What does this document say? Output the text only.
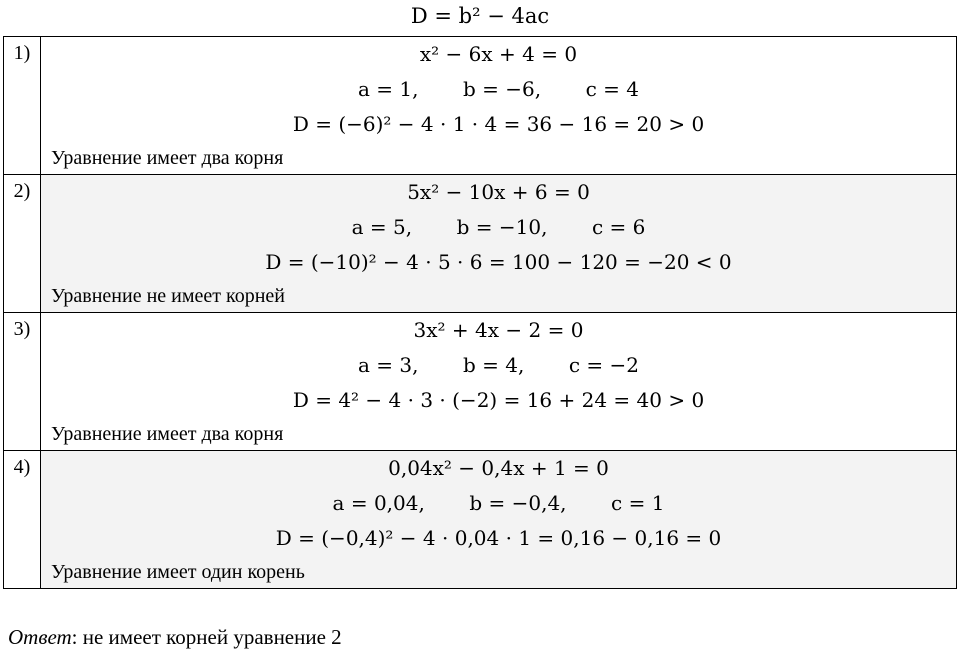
D = b² − 4ac
1)	x² − 6x + 4 = 0
a = 1,       b = −6,       c = 4
D = (−6)² − 4 · 1 · 4 = 36 − 16 = 20 > 0
Уравнение имеет два корня

2)	5x² − 10x + 6 = 0
a = 5,       b = −10,       c = 6
D = (−10)² − 4 · 5 · 6 = 100 − 120 = −20 < 0
Уравнение не имеет корней

3)	3x² + 4x − 2 = 0
a = 3,       b = 4,       c = −2
D = 4² − 4 · 3 · (−2) = 16 + 24 = 40 > 0
Уравнение имеет два корня

4)	0,04x² − 0,4x + 1 = 0
a = 0,04,       b = −0,4,       c = 1
D = (−0,4)² − 4 · 0,04 · 1 = 0,16 − 0,16 = 0
Уравнение имеет один корень
Ответ: не имеет корней уравнение 2
